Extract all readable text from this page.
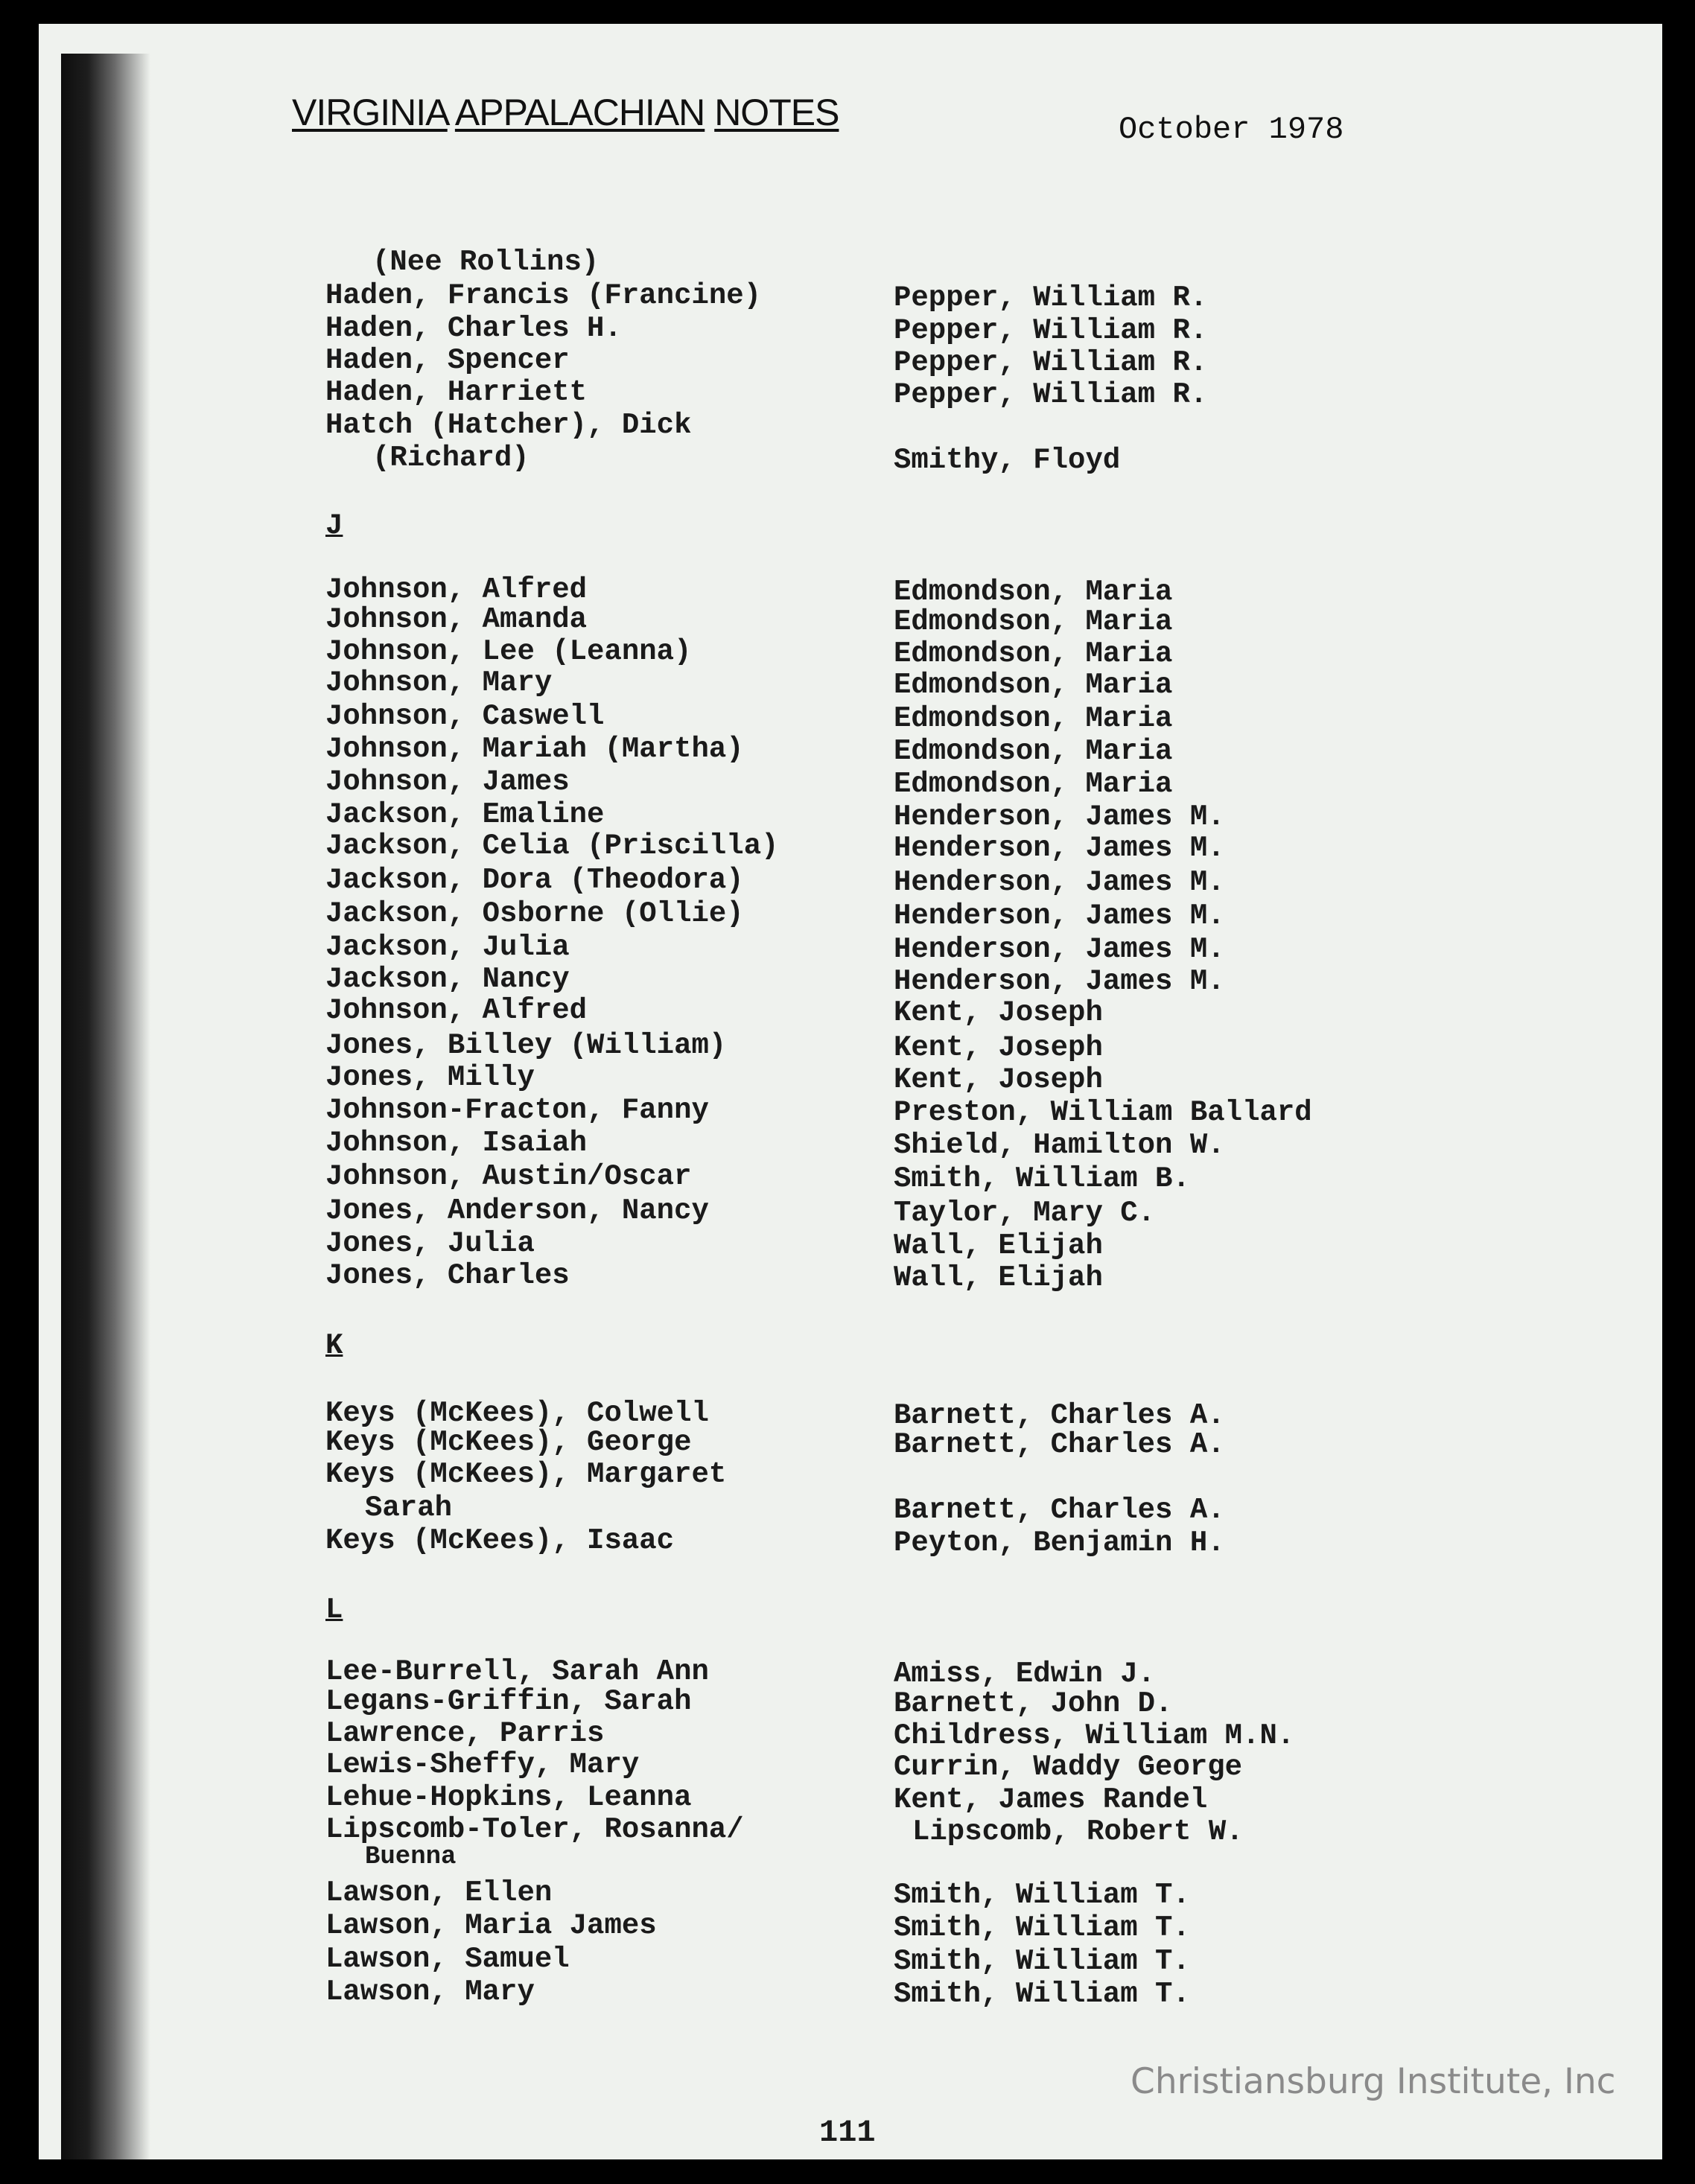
VIRGINIA APPALACHIAN NOTES	October 1978
(Nee Rollins)
Haden, Francis (Francine)	Pepper, William R.
Haden, Charles H.	Pepper, William R.
Haden, Spencer	Pepper, William R.
Haden, Harriett	Pepper, William R.
Hatch (Hatcher), Dick
(Richard)	Smithy, Floyd
J
Johnson, Alfred	Edmondson, Maria
Johnson, Amanda	Edmondson, Maria
Johnson, Lee (Leanna)	Edmondson, Maria
Johnson, Mary	Edmondson, Maria
Johnson, Caswell	Edmondson, Maria
Johnson, Mariah (Martha)	Edmondson, Maria
Johnson, James	Edmondson, Maria
Jackson, Emaline	Henderson, James M.
Jackson, Celia (Priscilla)	Henderson, James M.
Jackson, Dora (Theodora)	Henderson, James M.
Jackson, Osborne (Ollie)	Henderson, James M.
Jackson, Julia	Henderson, James M.
Jackson, Nancy	Henderson, James M.
Johnson, Alfred	Kent, Joseph
Jones, Billey (William)	Kent, Joseph
Jones, Milly	Kent, Joseph
Johnson-Fracton, Fanny	Preston, William Ballard
Johnson, Isaiah	Shield, Hamilton W.
Johnson, Austin/Oscar	Smith, William B.
Jones, Anderson, Nancy	Taylor, Mary C.
Jones, Julia	Wall, Elijah
Jones, Charles	Wall, Elijah
K
Keys (McKees), Colwell	Barnett, Charles A.
Keys (McKees), George	Barnett, Charles A.
Keys (McKees), Margaret
Sarah	Barnett, Charles A.
Keys (McKees), Isaac	Peyton, Benjamin H.
L
Lee-Burrell, Sarah Ann	Amiss, Edwin J.
Legans-Griffin, Sarah	Barnett, John D.
Lawrence, Parris	Childress, William M.N.
Lewis-Sheffy, Mary	Currin, Waddy George
Lehue-Hopkins, Leanna	Kent, James Randel
Lipscomb-Toler, Rosanna/	Lipscomb, Robert W.
Buenna
Lawson, Ellen	Smith, William T.
Lawson, Maria James	Smith, William T.
Lawson, Samuel	Smith, William T.
Lawson, Mary	Smith, William T.
Christiansburg Institute, Inc
111
